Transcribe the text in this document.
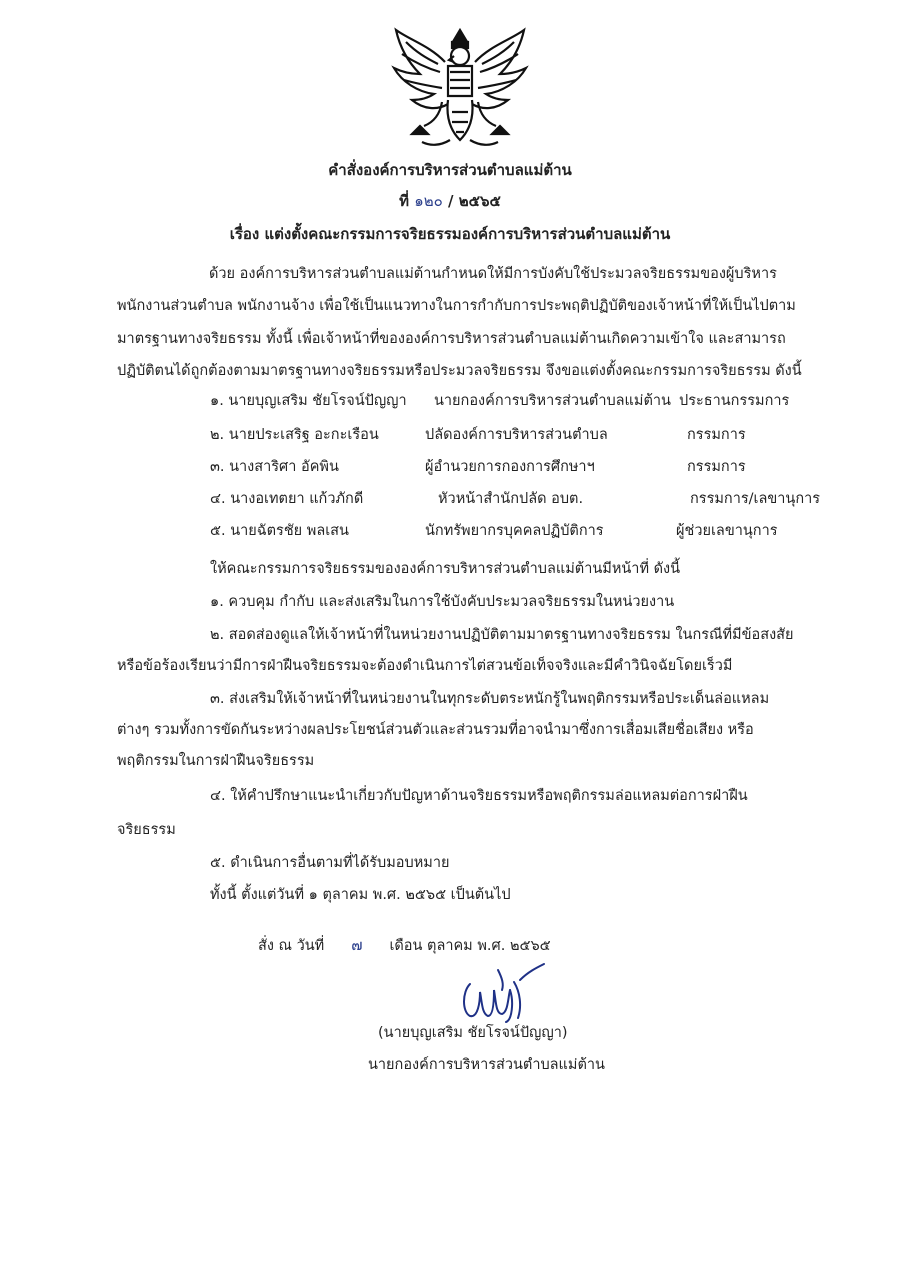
คำสั่งองค์การบริหารส่วนตำบลแม่ต้าน
ที่ ๑๒๐ / ๒๕๖๕
เรื่อง แต่งตั้งคณะกรรมการจริยธรรมองค์การบริหารส่วนตำบลแม่ต้าน
ด้วย องค์การบริหารส่วนตำบลแม่ต้านกำหนดให้มีการบังคับใช้ประมวลจริยธรรมของผู้บริหาร
พนักงานส่วนตำบล พนักงานจ้าง เพื่อใช้เป็นแนวทางในการกำกับการประพฤติปฏิบัติของเจ้าหน้าที่ให้เป็นไปตาม
มาตรฐานทางจริยธรรม ทั้งนี้ เพื่อเจ้าหน้าที่ขององค์การบริหารส่วนตำบลแม่ต้านเกิดความเข้าใจ และสามารถ
ปฏิบัติตนได้ถูกต้องตามมาตรฐานทางจริยธรรมหรือประมวลจริยธรรม จึงขอแต่งตั้งคณะกรรมการจริยธรรม ดังนี้
๑. นายบุญเสริม ชัยโรจน์ปัญญา นายกองค์การบริหารส่วนตำบลแม่ต้าน ประธานกรรมการ
๒. นายประเสริฐ อะกะเรือน	ปลัดองค์การบริหารส่วนตำบล	กรรมการ
๓. นางสาริศา อัคพิน	ผู้อำนวยการกองการศึกษาฯ	กรรมการ
๔. นางอเทตยา แก้วภักดี	หัวหน้าสำนักปลัด อบต.	กรรมการ/เลขานุการ
๕. นายฉัตรชัย พลเสน	นักทรัพยากรบุคคลปฏิบัติการ	ผู้ช่วยเลขานุการ
ให้คณะกรรมการจริยธรรมขององค์การบริหารส่วนตำบลแม่ต้านมีหน้าที่ ดังนี้
๑. ควบคุม กำกับ และส่งเสริมในการใช้บังคับประมวลจริยธรรมในหน่วยงาน
๒. สอดส่องดูแลให้เจ้าหน้าที่ในหน่วยงานปฏิบัติตามมาตรฐานทางจริยธรรม ในกรณีที่มีข้อสงสัย
หรือข้อร้องเรียนว่ามีการฝ่าฝืนจริยธรรมจะต้องดำเนินการไต่สวนข้อเท็จจริงและมีคำวินิจฉัยโดยเร็วมี
๓. ส่งเสริมให้เจ้าหน้าที่ในหน่วยงานในทุกระดับตระหนักรู้ในพฤติกรรมหรือประเด็นล่อแหลม
ต่างๆ รวมทั้งการขัดกันระหว่างผลประโยชน์ส่วนตัวและส่วนรวมที่อาจนำมาซึ่งการเสื่อมเสียชื่อเสียง หรือ
พฤติกรรมในการฝ่าฝืนจริยธรรม
๔. ให้คำปรึกษาแนะนำเกี่ยวกับปัญหาด้านจริยธรรมหรือพฤติกรรมล่อแหลมต่อการฝ่าฝืน
จริยธรรม
๕. ดำเนินการอื่นตามที่ได้รับมอบหมาย
ทั้งนี้ ตั้งแต่วันที่ ๑ ตุลาคม พ.ศ. ๒๕๖๕ เป็นต้นไป
สั่ง ณ วันที่ ๗ เดือน ตุลาคม พ.ศ. ๒๕๖๕
(นายบุญเสริม ชัยโรจน์ปัญญา)
นายกองค์การบริหารส่วนตำบลแม่ต้าน
